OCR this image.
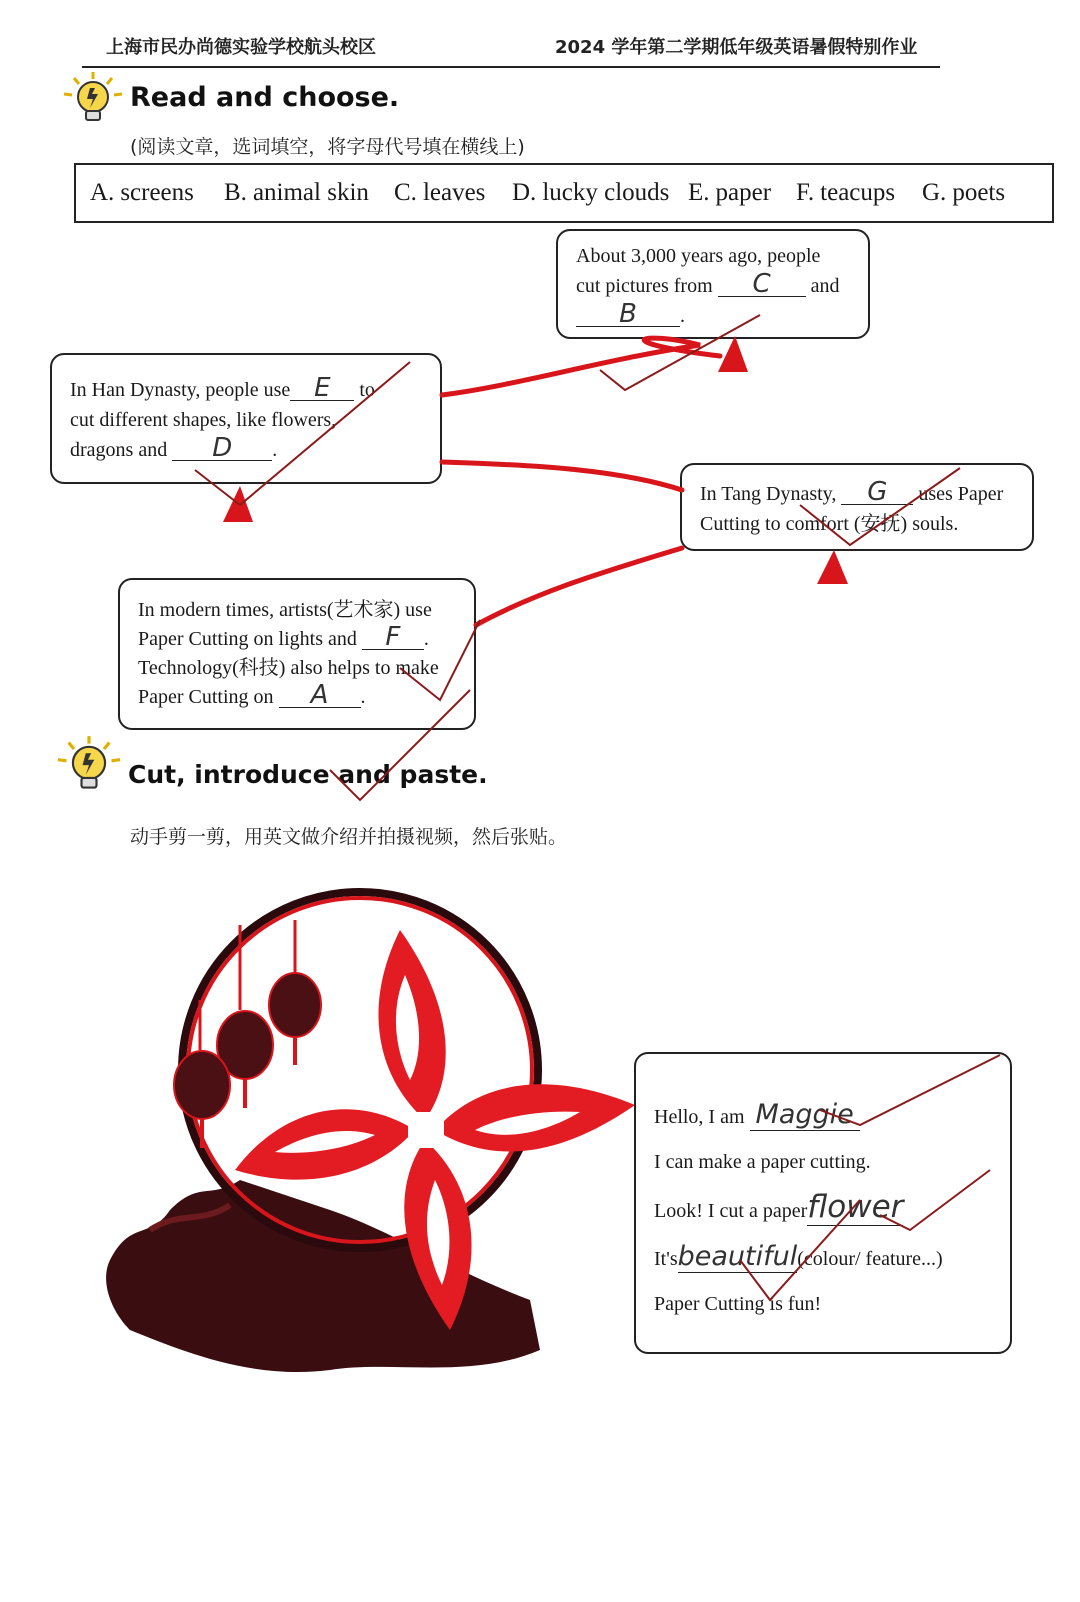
上海市民办尚德实验学校航头校区	2024 学年第二学期低年级英语暑假特别作业
Read and choose.
(阅读文章，选词填空，将字母代号填在横线上)
A. screens B. animal skin C. leaves D. lucky clouds E. paper F. teacups G. poets
About 3,000 years ago, people
cut pictures from C and
B .
In Han Dynasty, people use E to
cut different shapes, like flowers,
dragons and D .
In Tang Dynasty, G uses Paper
Cutting to comfort (安抚) souls.
In modern times, artists(艺术家) use
Paper Cutting on lights and F .
Technology(科技) also helps to make
Paper Cutting on A .
Cut, introduce and paste.
动手剪一剪，用英文做介绍并拍摄视频，然后张贴。
Hello, I am Maggie
I can make a paper cutting.
Look! I cut a paperflower
It'sbeautiful(colour/ feature...)
Paper Cutting is fun!
